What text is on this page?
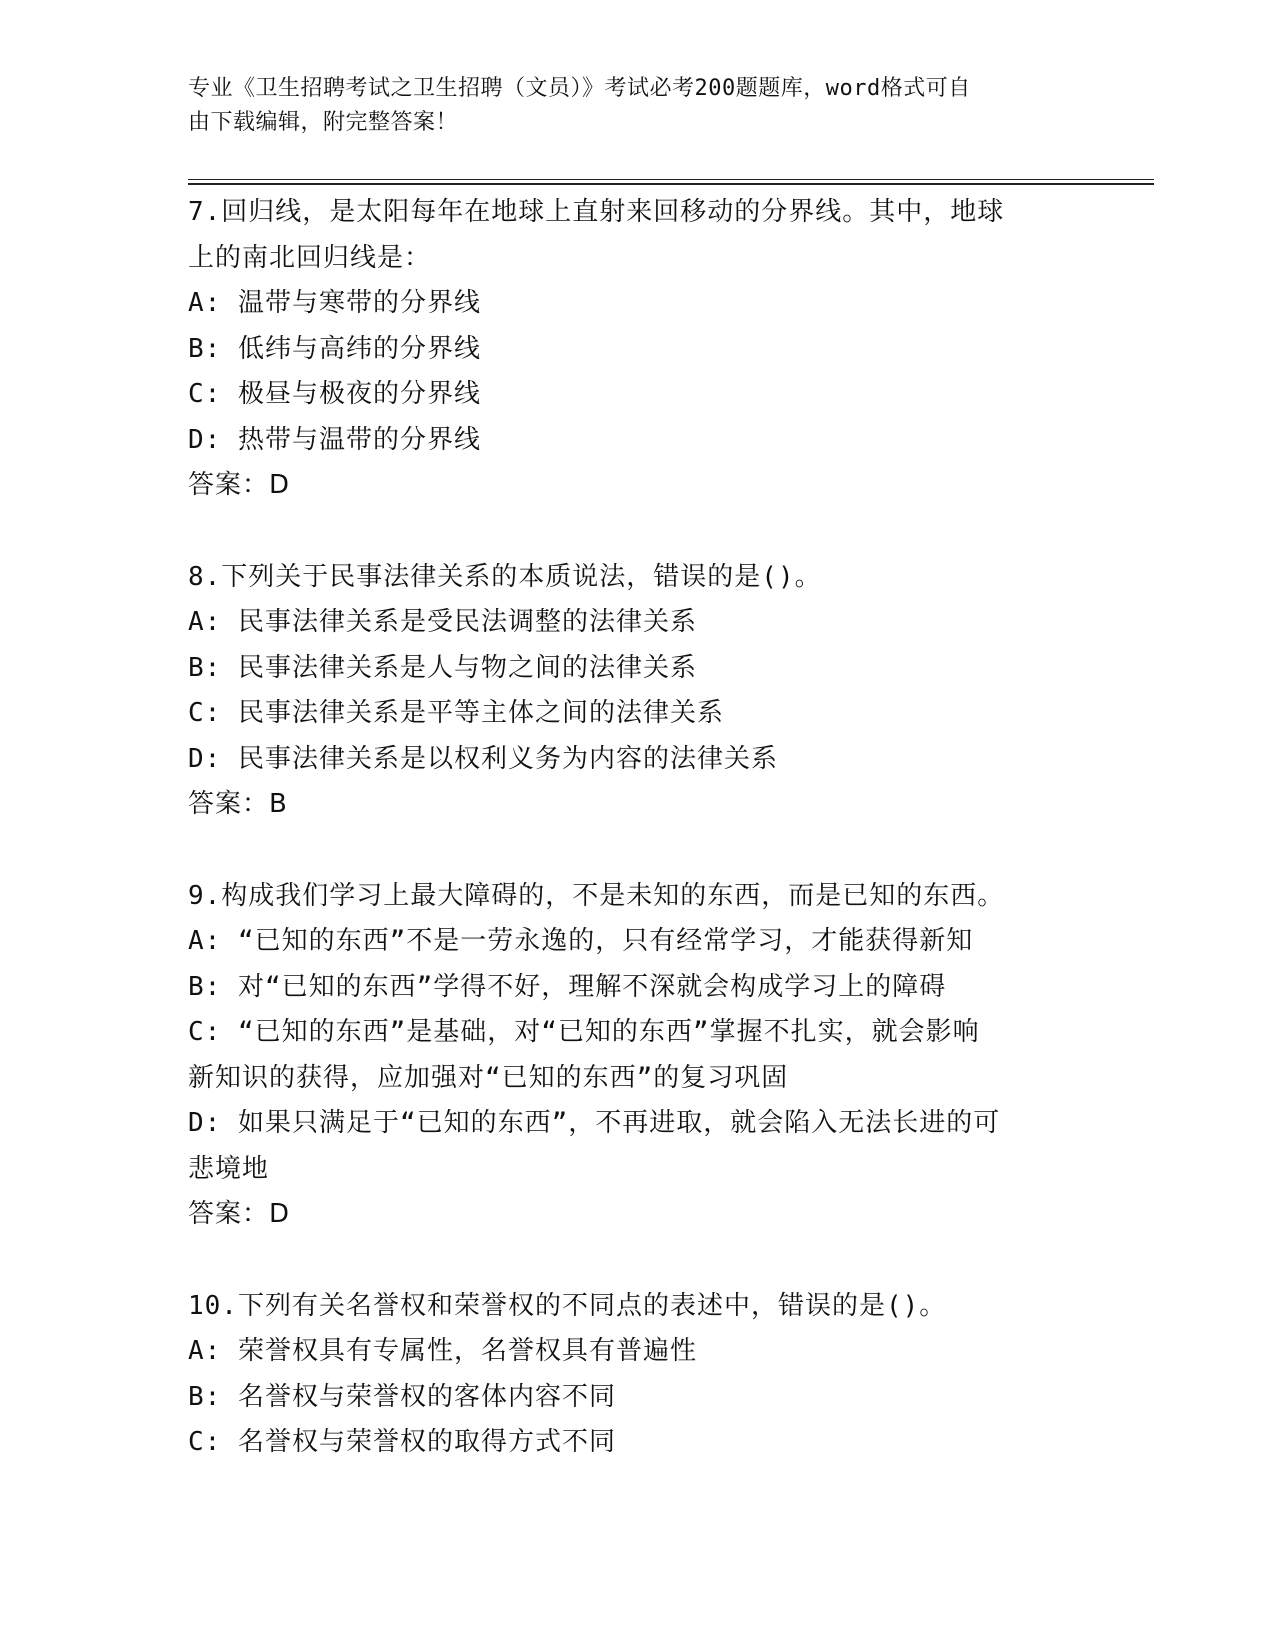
专业《卫生招聘考试之卫生招聘（文员）》考试必考200题题库，word格式可自
由下载编辑，附完整答案！
7.回归线，是太阳每年在地球上直射来回移动的分界线。其中，地球
上的南北回归线是：
A: 温带与寒带的分界线
B: 低纬与高纬的分界线
C: 极昼与极夜的分界线
D: 热带与温带的分界线
答案：D
8.下列关于民事法律关系的本质说法，错误的是()。
A: 民事法律关系是受民法调整的法律关系
B: 民事法律关系是人与物之间的法律关系
C: 民事法律关系是平等主体之间的法律关系
D: 民事法律关系是以权利义务为内容的法律关系
答案：B
9.构成我们学习上最大障碍的，不是未知的东西，而是已知的东西。
A: “已知的东西”不是一劳永逸的，只有经常学习，才能获得新知
B: 对“已知的东西”学得不好，理解不深就会构成学习上的障碍
C: “已知的东西”是基础，对“已知的东西”掌握不扎实，就会影响
新知识的获得，应加强对“已知的东西”的复习巩固
D: 如果只满足于“已知的东西”，不再进取，就会陷入无法长进的可
悲境地
答案：D
10.下列有关名誉权和荣誉权的不同点的表述中，错误的是()。
A: 荣誉权具有专属性，名誉权具有普遍性
B: 名誉权与荣誉权的客体内容不同
C: 名誉权与荣誉权的取得方式不同
